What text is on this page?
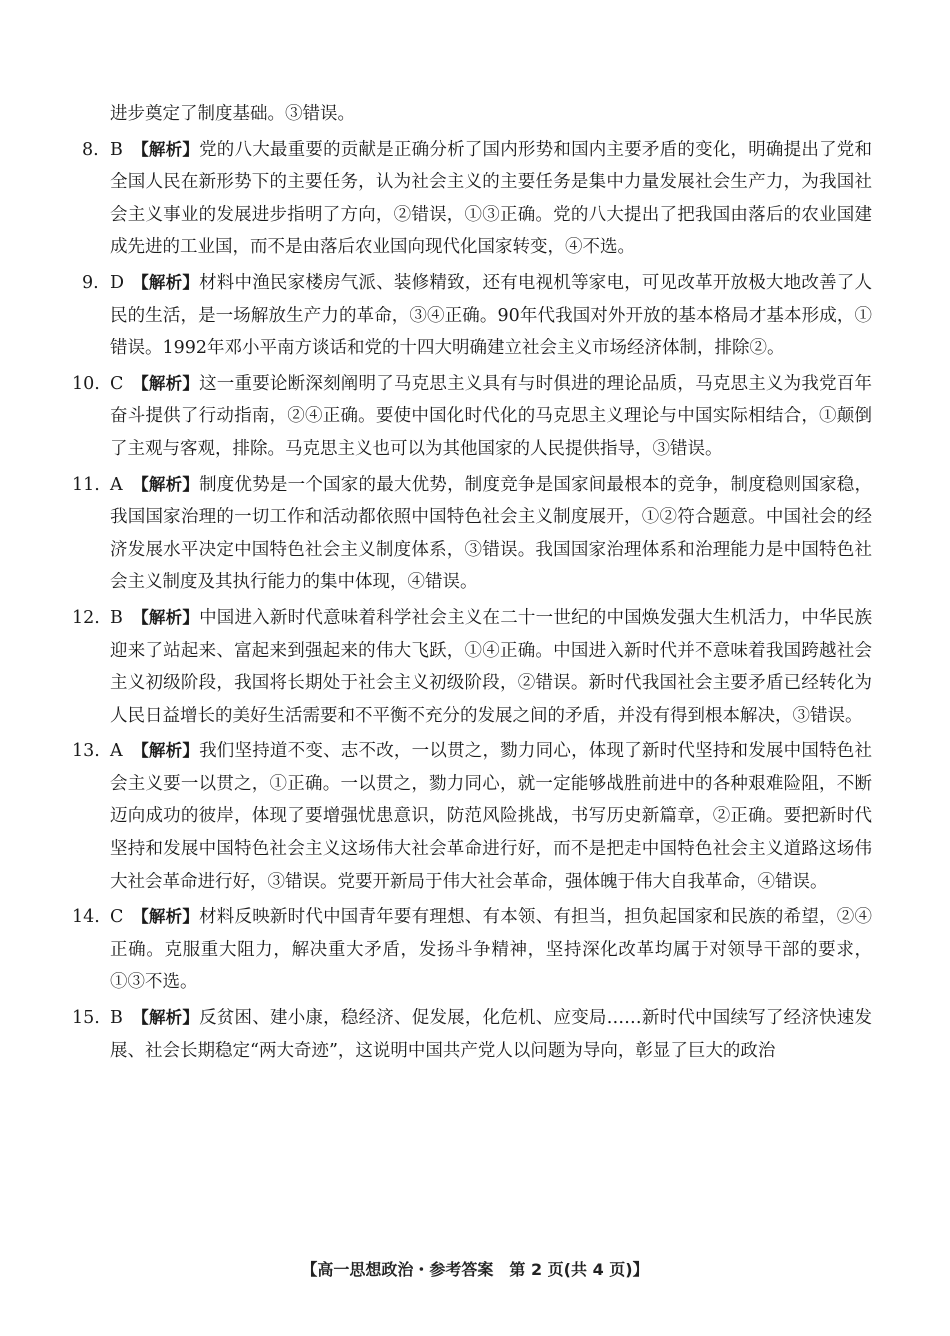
进步奠定了制度基础。③错误。

8. B 【解析】党的八大最重要的贡献是正确分析了国内形势和国内主要矛盾的变化，明确提出了党和全国人民在新形势下的主要任务，认为社会主义的主要任务是集中力量发展社会生产力，为我国社会主义事业的发展进步指明了方向，②错误，①③正确。党的八大提出了把我国由落后的农业国建成先进的工业国，而不是由落后农业国向现代化国家转变，④不选。
9. D 【解析】材料中渔民家楼房气派、装修精致，还有电视机等家电，可见改革开放极大地改善了人民的生活，是一场解放生产力的革命，③④正确。90年代我国对外开放的基本格局才基本形成，①错误。1992年邓小平南方谈话和党的十四大明确建立社会主义市场经济体制，排除②。
10. C 【解析】这一重要论断深刻阐明了马克思主义具有与时俱进的理论品质，马克思主义为我党百年奋斗提供了行动指南，②④正确。要使中国化时代化的马克思主义理论与中国实际相结合，①颠倒了主观与客观，排除。马克思主义也可以为其他国家的人民提供指导，③错误。
11. A 【解析】制度优势是一个国家的最大优势，制度竞争是国家间最根本的竞争，制度稳则国家稳，我国国家治理的一切工作和活动都依照中国特色社会主义制度展开，①②符合题意。中国社会的经济发展水平决定中国特色社会主义制度体系，③错误。我国国家治理体系和治理能力是中国特色社会主义制度及其执行能力的集中体现，④错误。
12. B 【解析】中国进入新时代意味着科学社会主义在二十一世纪的中国焕发强大生机活力，中华民族迎来了站起来、富起来到强起来的伟大飞跃，①④正确。中国进入新时代并不意味着我国跨越社会主义初级阶段，我国将长期处于社会主义初级阶段，②错误。新时代我国社会主要矛盾已经转化为人民日益增长的美好生活需要和不平衡不充分的发展之间的矛盾，并没有得到根本解决，③错误。
13. A 【解析】我们坚持道不变、志不改，一以贯之，勠力同心，体现了新时代坚持和发展中国特色社会主义要一以贯之，①正确。一以贯之，勠力同心，就一定能够战胜前进中的各种艰难险阻，不断迈向成功的彼岸，体现了要增强忧患意识，防范风险挑战，书写历史新篇章，②正确。要把新时代坚持和发展中国特色社会主义这场伟大社会革命进行好，而不是把走中国特色社会主义道路这场伟大社会革命进行好，③错误。党要开新局于伟大社会革命，强体魄于伟大自我革命，④错误。
14. C 【解析】材料反映新时代中国青年要有理想、有本领、有担当，担负起国家和民族的希望，②④正确。克服重大阻力，解决重大矛盾，发扬斗争精神，坚持深化改革均属于对领导干部的要求，①③不选。
15. B 【解析】反贫困、建小康，稳经济、促发展，化危机、应变局……新时代中国续写了经济快速发展、社会长期稳定“两大奇迹”，这说明中国共产党人以问题为导向，彰显了巨大的政治
【高一思想政治・参考答案　第 2 页(共 4 页)】
